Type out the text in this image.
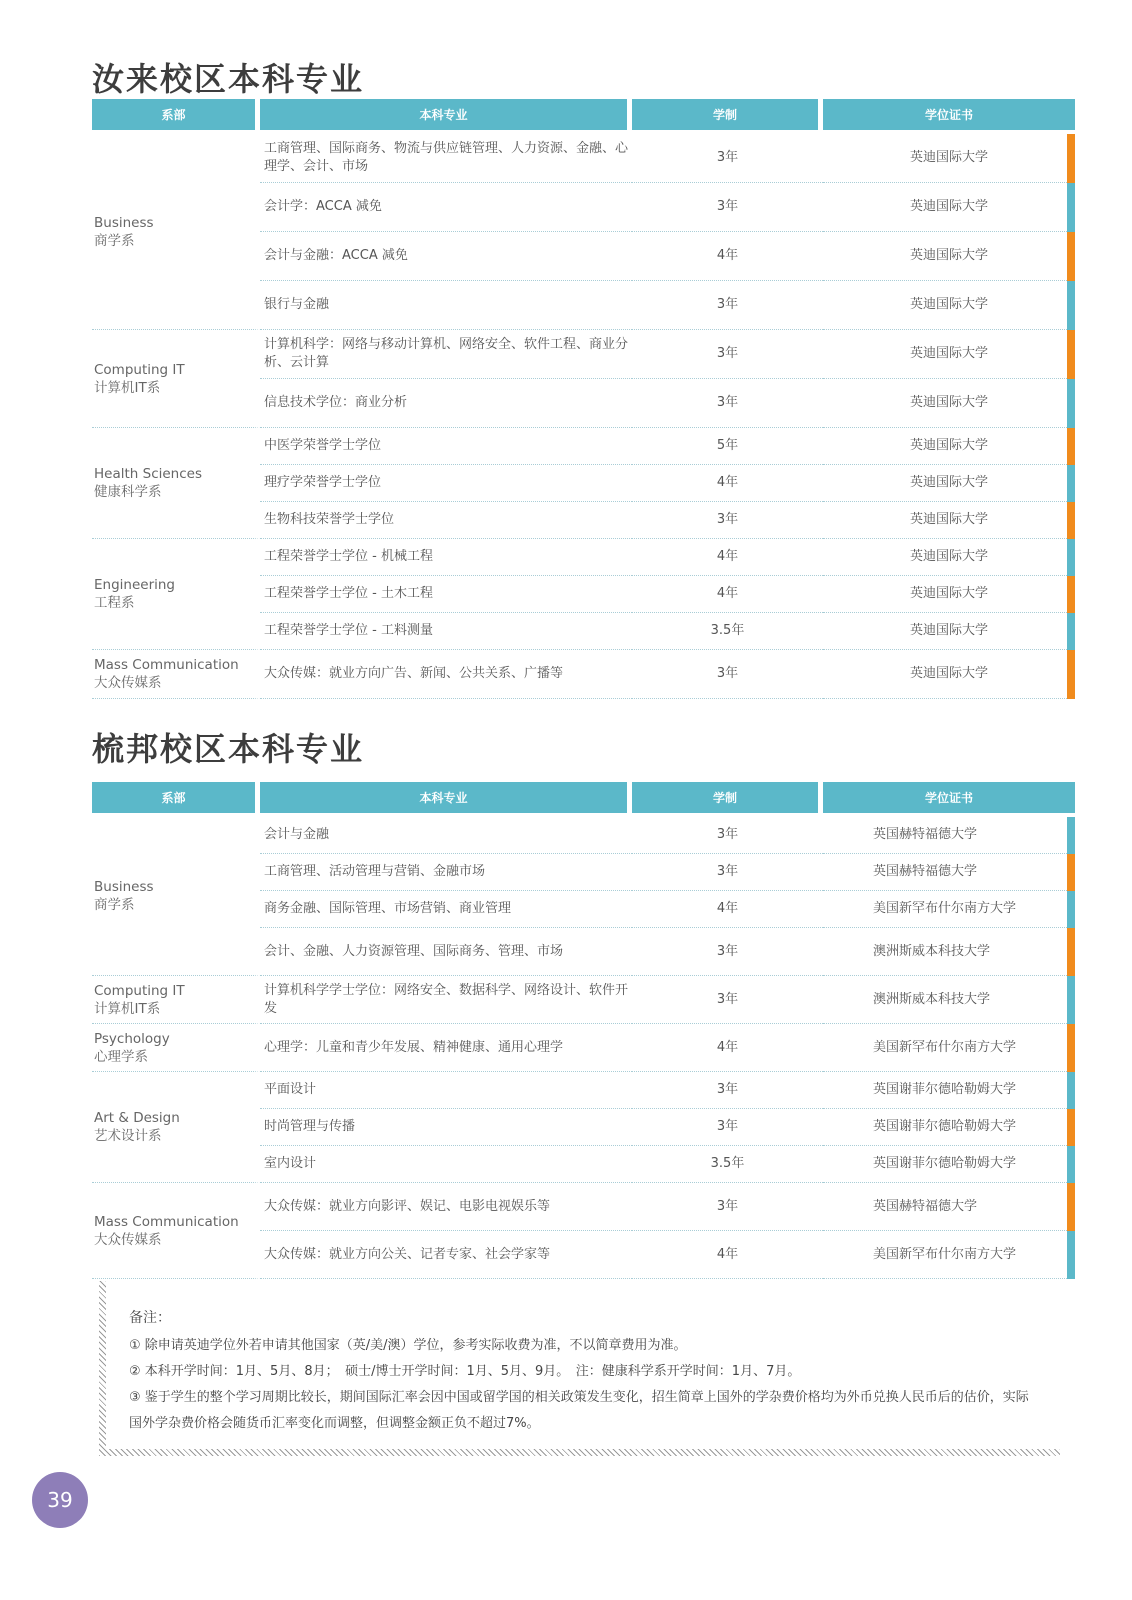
汝来校区本科专业
系部	本科专业	学制	学位证书

Business
商学系	工商管理、国际商务、物流与供应链管理、人力资源、金融、心理学、会计、市场	3年	英迪国际大学
	会计学：ACCA 减免	3年	英迪国际大学
	会计与金融：ACCA 减免	4年	英迪国际大学
	银行与金融	3年	英迪国际大学

Computing IT
计算机IT系	计算机科学：网络与移动计算机、网络安全、软件工程、商业分析、云计算	3年	英迪国际大学
	信息技术学位：商业分析	3年	英迪国际大学

Health Sciences
健康科学系	中医学荣誉学士学位	5年	英迪国际大学
	理疗学荣誉学士学位	4年	英迪国际大学
	生物科技荣誉学士学位	3年	英迪国际大学

Engineering
工程系	工程荣誉学士学位 - 机械工程	4年	英迪国际大学
	工程荣誉学士学位 - 土木工程	4年	英迪国际大学
	工程荣誉学士学位 - 工料测量	3.5年	英迪国际大学

Mass Communication
大众传媒系	大众传媒：就业方向广告、新闻、公共关系、广播等	3年	英迪国际大学
梳邦校区本科专业
系部	本科专业	学制	学位证书

Business
商学系	会计与金融	3年	英国赫特福德大学
	工商管理、活动管理与营销、金融市场	3年	英国赫特福德大学
	商务金融、国际管理、市场营销、商业管理	4年	美国新罕布什尔南方大学
	会计、金融、人力资源管理、国际商务、管理、市场	3年	澳洲斯威本科技大学

Computing IT
计算机IT系	计算机科学学士学位：网络安全、数据科学、网络设计、软件开发	3年	澳洲斯威本科技大学

Psychology
心理学系	心理学：儿童和青少年发展、精神健康、通用心理学	4年	美国新罕布什尔南方大学

Art & Design
艺术设计系	平面设计	3年	英国谢菲尔德哈勒姆大学
	时尚管理与传播	3年	英国谢菲尔德哈勒姆大学
	室内设计	3.5年	英国谢菲尔德哈勒姆大学

Mass Communication
大众传媒系	大众传媒：就业方向影评、娱记、电影电视娱乐等	3年	英国赫特福德大学
	大众传媒：就业方向公关、记者专家、社会学家等	4年	美国新罕布什尔南方大学
备注：
① 除申请英迪学位外若申请其他国家（英/美/澳）学位，参考实际收费为准，不以简章费用为准。
② 本科开学时间：1月、5月、8月；　硕士/博士开学时间：1月、5月、9月。　注：健康科学系开学时间：1月、7月。
③ 鉴于学生的整个学习周期比较长，期间国际汇率会因中国或留学国的相关政策发生变化，招生简章上国外的学杂费价格均为外币兑换人民币后的估价，实际国外学杂费价格会随货币汇率变化而调整，但调整金额正负不超过7%。
39
